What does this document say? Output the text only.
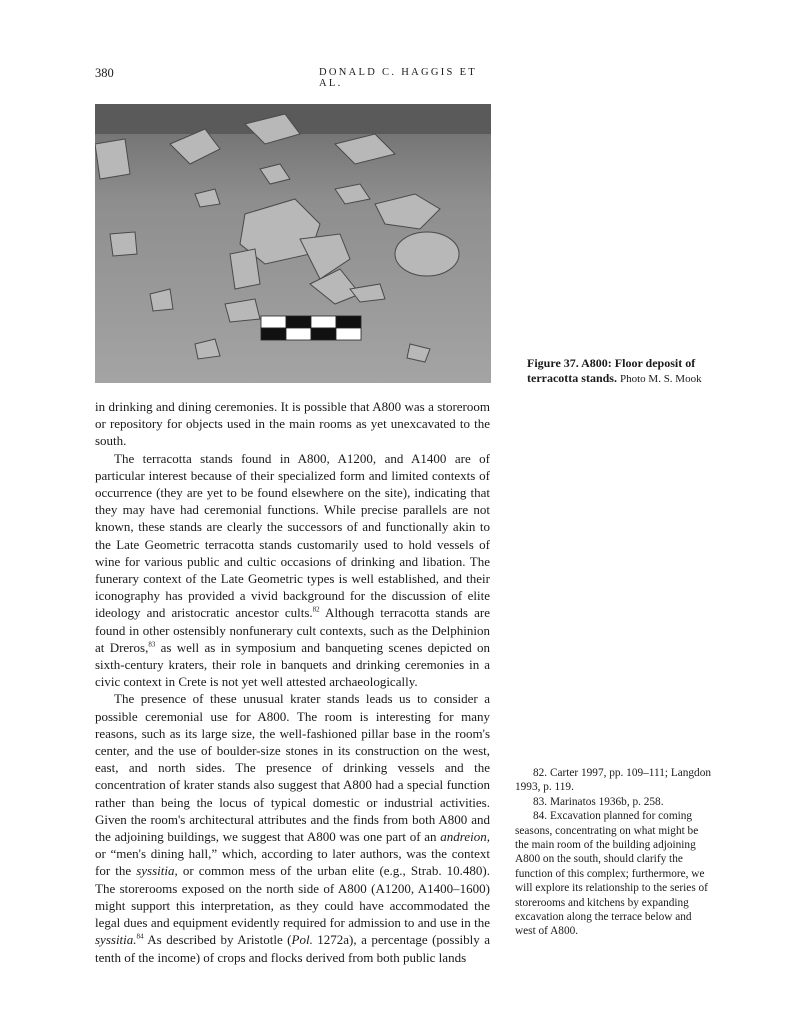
380	DONALD C. HAGGIS ET AL.
Figure 37. A800: Floor deposit of terracotta stands. Photo M. S. Mook

in drinking and dining ceremonies. It is possible that A800 was a storeroom or repository for objects used in the main rooms as yet unexcavated to the south.

The terracotta stands found in A800, A1200, and A1400 are of particular interest because of their specialized form and limited contexts of occurrence (they are yet to be found elsewhere on the site), indicating that they may have had ceremonial functions. While precise parallels are not known, these stands are clearly the successors of and functionally akin to the Late Geometric terracotta stands customarily used to hold vessels of wine for various public and cultic occasions of drinking and libation. The funerary context of the Late Geometric types is well established, and their iconography has provided a vivid background for the discussion of elite ideology and aristocratic ancestor cults.$^{82}$ Although terracotta stands are found in other ostensibly nonfunerary cult contexts, such as the Delphinion at Dreros,$^{83}$ as well as in symposium and banqueting scenes depicted on sixth-century kraters, their role in banquets and drinking ceremonies in a civic context in Crete is not yet well attested archaeologically.

The presence of these unusual krater stands leads us to consider a possible ceremonial use for A800. The room is interesting for many reasons, such as its large size, the well-fashioned pillar base in the room's center, and the use of boulder-size stones in its construction on the west, east, and north sides. The presence of drinking vessels and the concentration of krater stands also suggest that A800 had a special function rather than being the locus of typical domestic or industrial activities. Given the room's architectural attributes and the finds from both A800 and the adjoining buildings, we suggest that A800 was one part of an andreion, or “men's dining hall,” which, according to later authors, was the context for the syssitia, or common mess of the urban elite (e.g., Strab. 10.480). The storerooms exposed on the north side of A800 (A1200, A1400–1600) might support this interpretation, as they could have accommodated the legal dues and equipment evidently required for admission to and use in the syssitia.$^{84}$ As described by Aristotle (Pol. 1272a), a percentage (possibly a tenth of the income) of crops and flocks derived from both public lands

82. Carter 1997, pp. 109–111; Langdon 1993, p. 119.

83. Marinatos 1936b, p. 258.

84. Excavation planned for coming seasons, concentrating on what might be the main room of the building adjoining A800 on the south, should clarify the function of this complex; furthermore, we will explore its relationship to the series of storerooms and kitchens by expanding excavation along the terrace below and west of A800.
